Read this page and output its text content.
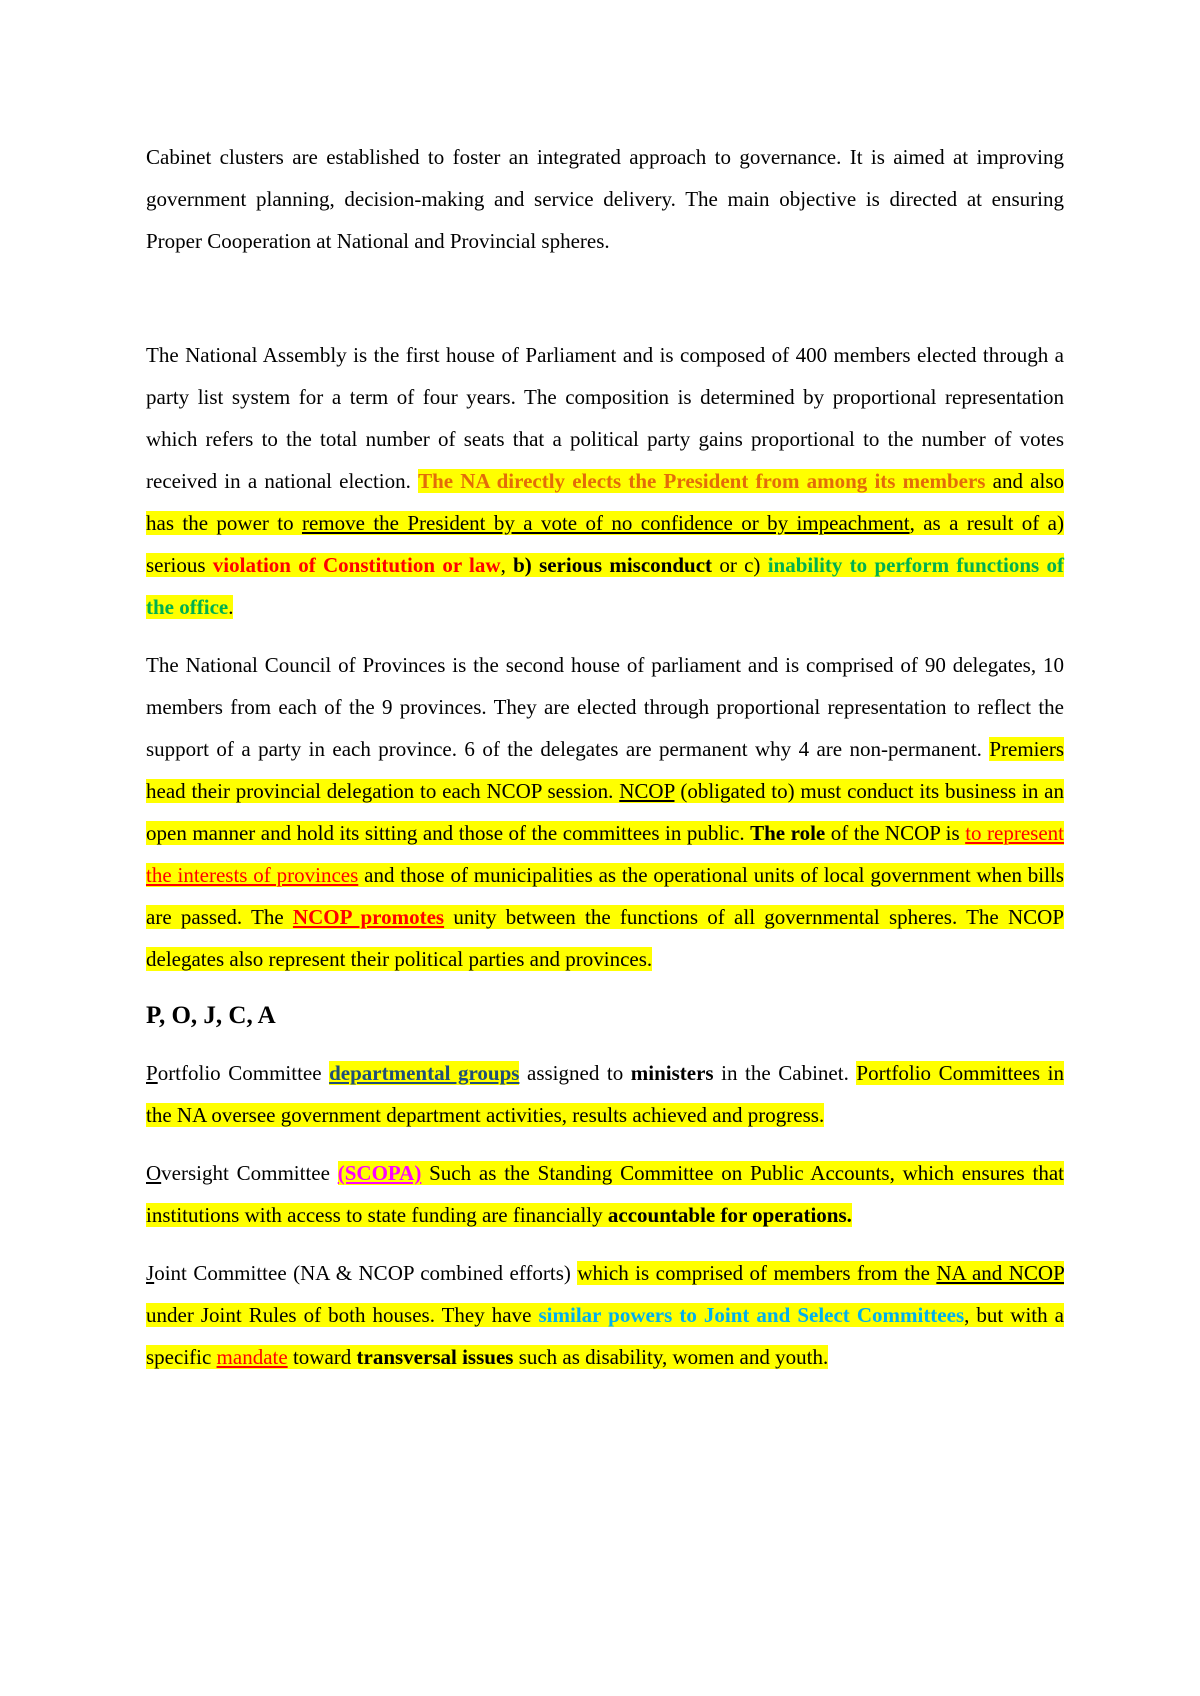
Cabinet clusters are established to foster an integrated approach to governance. It is aimed at improving government planning, decision-making and service delivery. The main objective is directed at ensuring Proper Cooperation at National and Provincial spheres.

The National Assembly is the first house of Parliament and is composed of 400 members elected through a party list system for a term of four years. The composition is determined by proportional representation which refers to the total number of seats that a political party gains proportional to the number of votes received in a national election. The NA directly elects the President from among its members and also has the power to remove the President by a vote of no confidence or by impeachment, as a result of a) serious violation of Constitution or law, b) serious misconduct or c) inability to perform functions of the office.

The National Council of Provinces is the second house of parliament and is comprised of 90 delegates, 10 members from each of the 9 provinces. They are elected through proportional representation to reflect the support of a party in each province. 6 of the delegates are permanent why 4 are non-permanent. Premiers head their provincial delegation to each NCOP session. NCOP (obligated to) must conduct its business in an open manner and hold its sitting and those of the committees in public. The role of the NCOP is to represent the interests of provinces and those of municipalities as the operational units of local government when bills are passed. The NCOP promotes unity between the functions of all governmental spheres. The NCOP delegates also represent their political parties and provinces.

P, O, J, C, A

Portfolio Committee departmental groups assigned to ministers in the Cabinet. Portfolio Committees in the NA oversee government department activities, results achieved and progress.

Oversight Committee (SCOPA) Such as the Standing Committee on Public Accounts, which ensures that institutions with access to state funding are financially accountable for operations.

Joint Committee (NA & NCOP combined efforts) which is comprised of members from the NA and NCOP under Joint Rules of both houses. They have similar powers to Joint and Select Committees, but with a specific mandate toward transversal issues such as disability, women and youth.
